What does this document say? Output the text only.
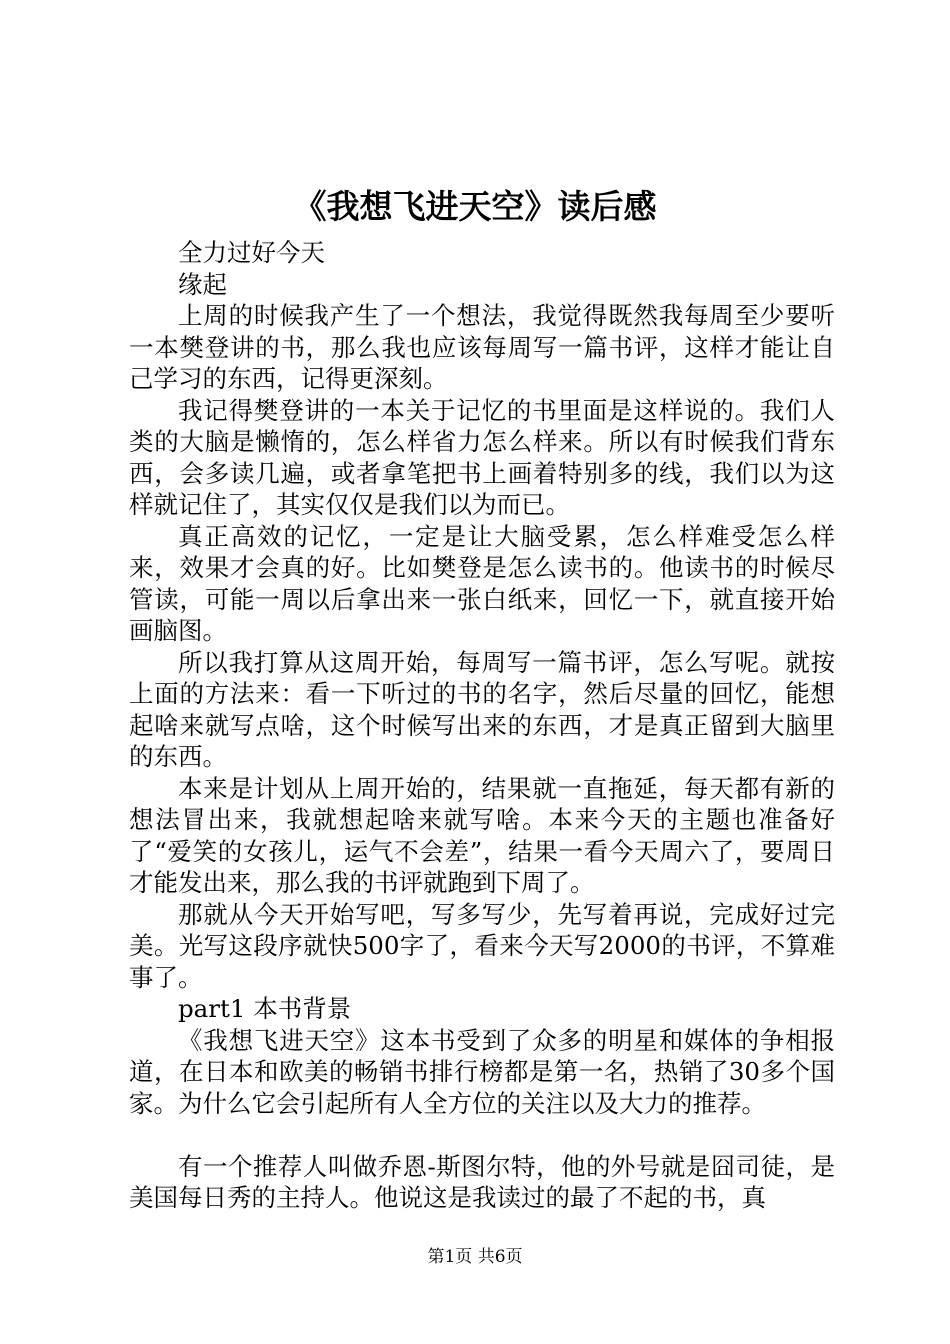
《我想飞进天空》读后感

全力过好今天

缘起

上周的时候我产生了一个想法，我觉得既然我每周至少要听一本樊登讲的书，那么我也应该每周写一篇书评，这样才能让自己学习的东西，记得更深刻。

我记得樊登讲的一本关于记忆的书里面是这样说的。我们人类的大脑是懒惰的，怎么样省力怎么样来。所以有时候我们背东西，会多读几遍，或者拿笔把书上画着特别多的线，我们以为这样就记住了，其实仅仅是我们以为而已。

真正高效的记忆，一定是让大脑受累，怎么样难受怎么样来，效果才会真的好。比如樊登是怎么读书的。他读书的时候尽管读，可能一周以后拿出来一张白纸来，回忆一下，就直接开始画脑图。

所以我打算从这周开始，每周写一篇书评，怎么写呢。就按上面的方法来：看一下听过的书的名字，然后尽量的回忆，能想起啥来就写点啥，这个时候写出来的东西，才是真正留到大脑里的东西。

本来是计划从上周开始的，结果就一直拖延，每天都有新的想法冒出来，我就想起啥来就写啥。本来今天的主题也准备好了“爱笑的女孩儿，运气不会差”，结果一看今天周六了，要周日才能发出来，那么我的书评就跑到下周了。

那就从今天开始写吧，写多写少，先写着再说，完成好过完美。光写这段序就快500字了，看来今天写2000的书评，不算难事了。

part1 本书背景

《我想飞进天空》这本书受到了众多的明星和媒体的争相报道，在日本和欧美的畅销书排行榜都是第一名，热销了30多个国家。为什么它会引起所有人全方位的关注以及大力的推荐。

有一个推荐人叫做乔恩-斯图尔特，他的外号就是囧司徒，是美国每日秀的主持人。他说这是我读过的最了不起的书，真

第1页 共6页
